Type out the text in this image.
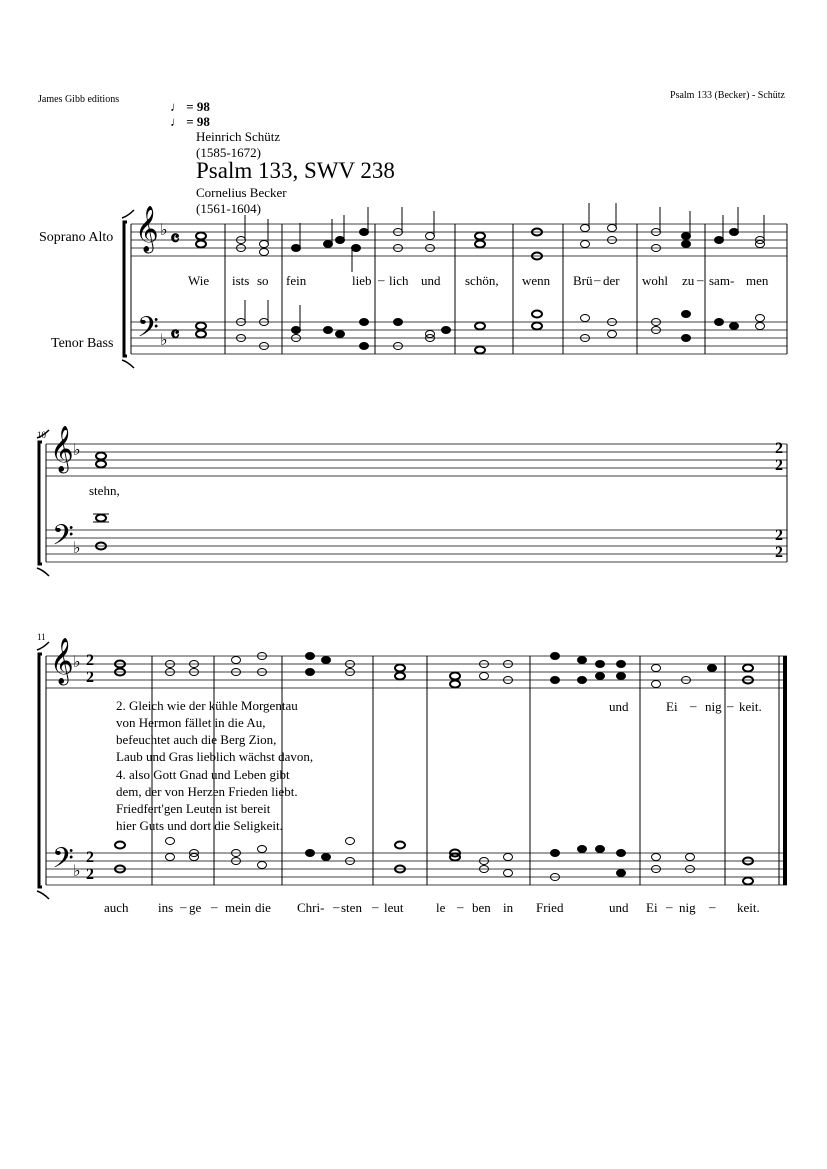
James Gibb editions	Psalm 133 (Becker) - Schütz
♩ = 98
♩ = 98
Heinrich Schütz
(1585-1672)
Psalm 133, SWV 238
Cornelius Becker
(1561-1604)
Soprano Alto
Tenor Bass
10
11
𝄞 ♭ 𝄴
𝄢 ♭ 𝄴
𝄞 ♭
𝄢 ♭
2
2
2
2
𝄞 ♭ 2
2
𝄢 ♭
2
2
Wie ists so fein	lieb – lich und schön, wenn Brü – der wohl zu – sam- men
stehn,
2. Gleich wie der kühle Morgentau
von Hermon fället in die Au,
befeuchtet auch die Berg Zion,
Laub und Gras lieblich wächst davon,
4. also Gott Gnad und Leben gibt
dem, der von Herzen Frieden liebt.
Friedfert'gen Leuten ist bereit
hier Guts und dort die Seligkeit.
und	Ei – nig – keit.
auch ins – ge – mein die Chri- – sten – leut	le – ben in Fried	und Ei – nig – keit.
